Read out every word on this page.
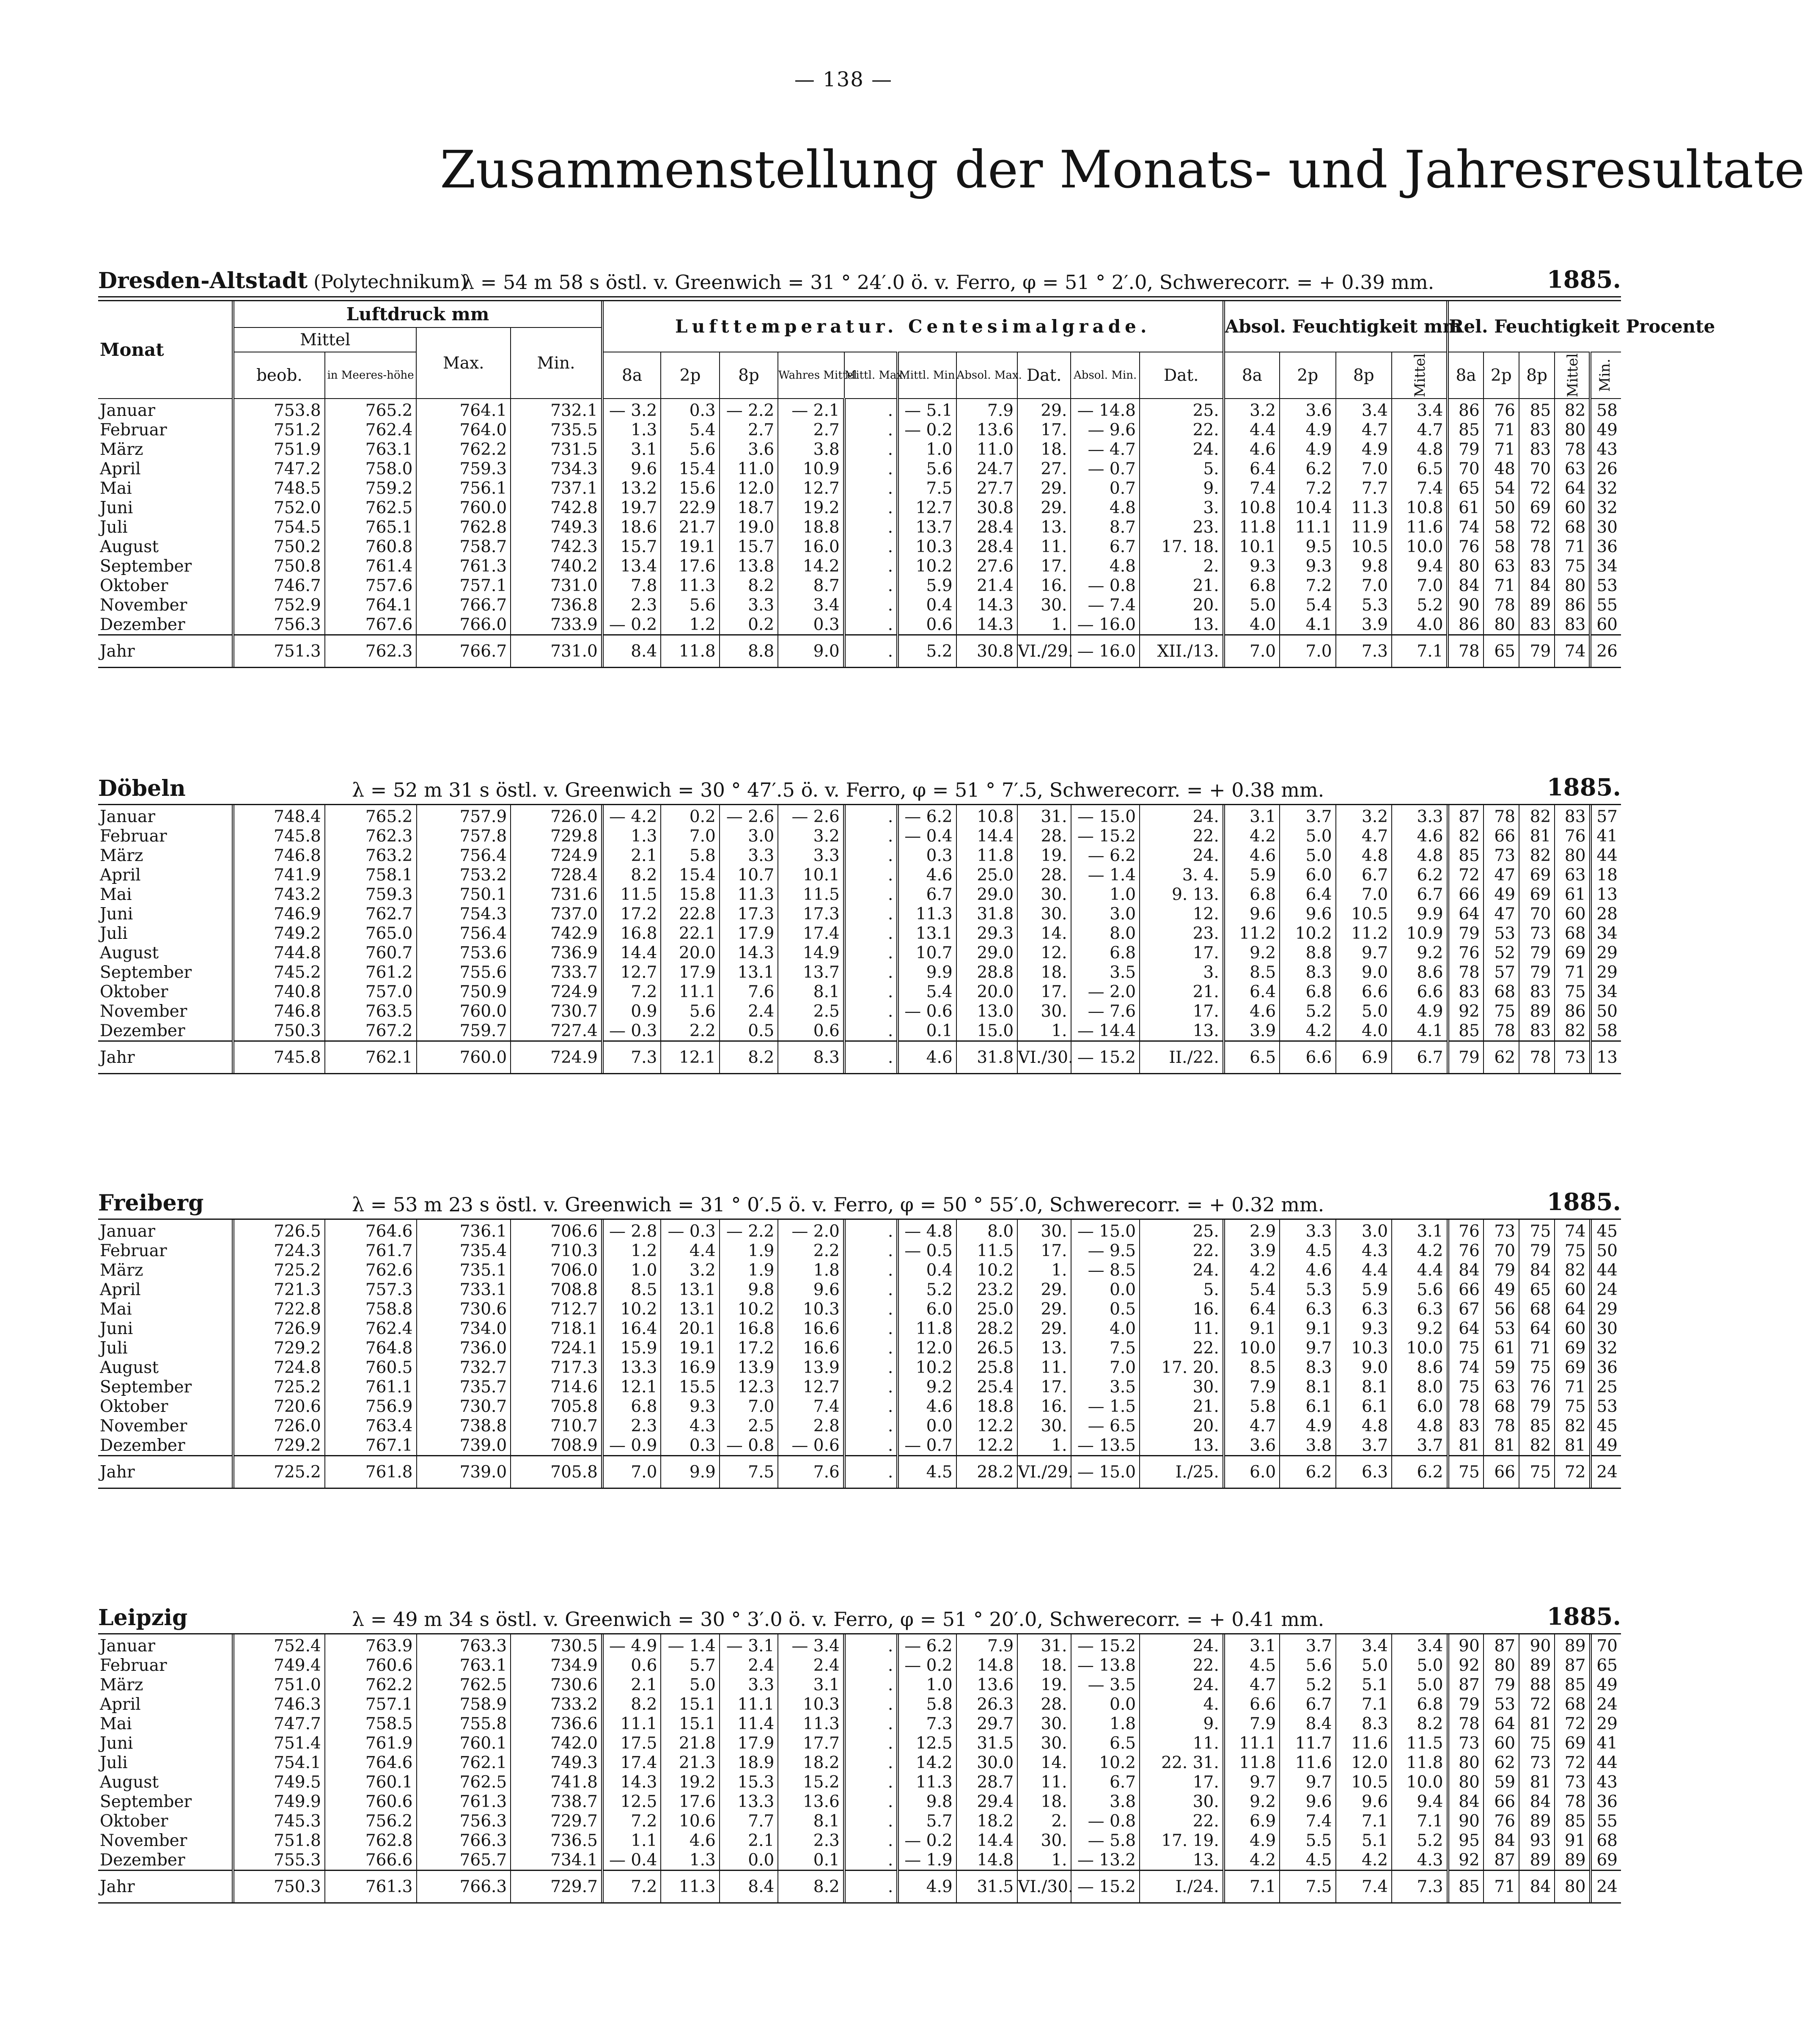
— 138 —
Zusammenstellung der Monats- und Jahresresultate
Dresden-Altstadt (Polytechnikum)
λ = 54 m 58 s östl. v. Greenwich = 31 ° 24′.0 ö. v. Ferro, φ = 51 ° 2′.0, Schwerecorr. = + 0.39 mm.	1885.
Monat	Luftdruck mm				Lufttemperatur. Centesimalgrade.										Absol. Feuchtigkeit mm				Rel. Feuchtigkeit Procente				
	Mittel		Max.	Min.																			
	beob.	in Meeres-höhe			8a	2p	8p	Wahres Mittel	Mittl. Max.	Mittl. Min.	Absol. Max.	Dat.	Absol. Min.	Dat.	8a	2p	8p	Mittel	8a	2p	8p	Mittel	Min.
Januar	753.8	765.2	764.1	732.1	— 3.2	0.3	— 2.2	— 2.1	.	— 5.1	7.9	29.	— 14.8	25.	3.2	3.6	3.4	3.4	86	76	85	82	58
Februar	751.2	762.4	764.0	735.5	1.3	5.4	2.7	2.7	.	— 0.2	13.6	17.	— 9.6	22.	4.4	4.9	4.7	4.7	85	71	83	80	49
März	751.9	763.1	762.2	731.5	3.1	5.6	3.6	3.8	.	1.0	11.0	18.	— 4.7	24.	4.6	4.9	4.9	4.8	79	71	83	78	43
April	747.2	758.0	759.3	734.3	9.6	15.4	11.0	10.9	.	5.6	24.7	27.	— 0.7	5.	6.4	6.2	7.0	6.5	70	48	70	63	26
Mai	748.5	759.2	756.1	737.1	13.2	15.6	12.0	12.7	.	7.5	27.7	29.	0.7	9.	7.4	7.2	7.7	7.4	65	54	72	64	32
Juni	752.0	762.5	760.0	742.8	19.7	22.9	18.7	19.2	.	12.7	30.8	29.	4.8	3.	10.8	10.4	11.3	10.8	61	50	69	60	32
Juli	754.5	765.1	762.8	749.3	18.6	21.7	19.0	18.8	.	13.7	28.4	13.	8.7	23.	11.8	11.1	11.9	11.6	74	58	72	68	30
August	750.2	760.8	758.7	742.3	15.7	19.1	15.7	16.0	.	10.3	28.4	11.	6.7	17. 18.	10.1	9.5	10.5	10.0	76	58	78	71	36
September	750.8	761.4	761.3	740.2	13.4	17.6	13.8	14.2	.	10.2	27.6	17.	4.8	2.	9.3	9.3	9.8	9.4	80	63	83	75	34
Oktober	746.7	757.6	757.1	731.0	7.8	11.3	8.2	8.7	.	5.9	21.4	16.	— 0.8	21.	6.8	7.2	7.0	7.0	84	71	84	80	53
November	752.9	764.1	766.7	736.8	2.3	5.6	3.3	3.4	.	0.4	14.3	30.	— 7.4	20.	5.0	5.4	5.3	5.2	90	78	89	86	55
Dezember	756.3	767.6	766.0	733.9	— 0.2	1.2	0.2	0.3	.	0.6	14.3	1.	— 16.0	13.	4.0	4.1	3.9	4.0	86	80	83	83	60
Jahr	751.3	762.3	766.7	731.0	8.4	11.8	8.8	9.0	.	5.2	30.8	VI./29.	— 16.0	XII./13.	7.0	7.0	7.3	7.1	78	65	79	74	26
Döbeln	λ = 52 m 31 s östl. v. Greenwich = 30 ° 47′.5 ö. v. Ferro, φ = 51 ° 7′.5, Schwerecorr. = + 0.38 mm.	1885.
Januar	748.4	765.2	757.9	726.0	— 4.2	0.2	— 2.6	— 2.6	.	— 6.2	10.8	31.	— 15.0	24.	3.1	3.7	3.2	3.3	87	78	82	83	57
Februar	745.8	762.3	757.8	729.8	1.3	7.0	3.0	3.2	.	— 0.4	14.4	28.	— 15.2	22.	4.2	5.0	4.7	4.6	82	66	81	76	41
März	746.8	763.2	756.4	724.9	2.1	5.8	3.3	3.3	.	0.3	11.8	19.	— 6.2	24.	4.6	5.0	4.8	4.8	85	73	82	80	44
April	741.9	758.1	753.2	728.4	8.2	15.4	10.7	10.1	.	4.6	25.0	28.	— 1.4	3. 4.	5.9	6.0	6.7	6.2	72	47	69	63	18
Mai	743.2	759.3	750.1	731.6	11.5	15.8	11.3	11.5	.	6.7	29.0	30.	1.0	9. 13.	6.8	6.4	7.0	6.7	66	49	69	61	13
Juni	746.9	762.7	754.3	737.0	17.2	22.8	17.3	17.3	.	11.3	31.8	30.	3.0	12.	9.6	9.6	10.5	9.9	64	47	70	60	28
Juli	749.2	765.0	756.4	742.9	16.8	22.1	17.9	17.4	.	13.1	29.3	14.	8.0	23.	11.2	10.2	11.2	10.9	79	53	73	68	34
August	744.8	760.7	753.6	736.9	14.4	20.0	14.3	14.9	.	10.7	29.0	12.	6.8	17.	9.2	8.8	9.7	9.2	76	52	79	69	29
September	745.2	761.2	755.6	733.7	12.7	17.9	13.1	13.7	.	9.9	28.8	18.	3.5	3.	8.5	8.3	9.0	8.6	78	57	79	71	29
Oktober	740.8	757.0	750.9	724.9	7.2	11.1	7.6	8.1	.	5.4	20.0	17.	— 2.0	21.	6.4	6.8	6.6	6.6	83	68	83	75	34
November	746.8	763.5	760.0	730.7	0.9	5.6	2.4	2.5	.	— 0.6	13.0	30.	— 7.6	17.	4.6	5.2	5.0	4.9	92	75	89	86	50
Dezember	750.3	767.2	759.7	727.4	— 0.3	2.2	0.5	0.6	.	0.1	15.0	1.	— 14.4	13.	3.9	4.2	4.0	4.1	85	78	83	82	58
Jahr	745.8	762.1	760.0	724.9	7.3	12.1	8.2	8.3	.	4.6	31.8	VI./30.	— 15.2	II./22.	6.5	6.6	6.9	6.7	79	62	78	73	13
Freiberg	λ = 53 m 23 s östl. v. Greenwich = 31 ° 0′.5 ö. v. Ferro, φ = 50 ° 55′.0, Schwerecorr. = + 0.32 mm.	1885.
Januar	726.5	764.6	736.1	706.6	— 2.8	— 0.3	— 2.2	— 2.0	.	— 4.8	8.0	30.	— 15.0	25.	2.9	3.3	3.0	3.1	76	73	75	74	45
Februar	724.3	761.7	735.4	710.3	1.2	4.4	1.9	2.2	.	— 0.5	11.5	17.	— 9.5	22.	3.9	4.5	4.3	4.2	76	70	79	75	50
März	725.2	762.6	735.1	706.0	1.0	3.2	1.9	1.8	.	0.4	10.2	1.	— 8.5	24.	4.2	4.6	4.4	4.4	84	79	84	82	44
April	721.3	757.3	733.1	708.8	8.5	13.1	9.8	9.6	.	5.2	23.2	29.	0.0	5.	5.4	5.3	5.9	5.6	66	49	65	60	24
Mai	722.8	758.8	730.6	712.7	10.2	13.1	10.2	10.3	.	6.0	25.0	29.	0.5	16.	6.4	6.3	6.3	6.3	67	56	68	64	29
Juni	726.9	762.4	734.0	718.1	16.4	20.1	16.8	16.6	.	11.8	28.2	29.	4.0	11.	9.1	9.1	9.3	9.2	64	53	64	60	30
Juli	729.2	764.8	736.0	724.1	15.9	19.1	17.2	16.6	.	12.0	26.5	13.	7.5	22.	10.0	9.7	10.3	10.0	75	61	71	69	32
August	724.8	760.5	732.7	717.3	13.3	16.9	13.9	13.9	.	10.2	25.8	11.	7.0	17. 20.	8.5	8.3	9.0	8.6	74	59	75	69	36
September	725.2	761.1	735.7	714.6	12.1	15.5	12.3	12.7	.	9.2	25.4	17.	3.5	30.	7.9	8.1	8.1	8.0	75	63	76	71	25
Oktober	720.6	756.9	730.7	705.8	6.8	9.3	7.0	7.4	.	4.6	18.8	16.	— 1.5	21.	5.8	6.1	6.1	6.0	78	68	79	75	53
November	726.0	763.4	738.8	710.7	2.3	4.3	2.5	2.8	.	0.0	12.2	30.	— 6.5	20.	4.7	4.9	4.8	4.8	83	78	85	82	45
Dezember	729.2	767.1	739.0	708.9	— 0.9	0.3	— 0.8	— 0.6	.	— 0.7	12.2	1.	— 13.5	13.	3.6	3.8	3.7	3.7	81	81	82	81	49
Jahr	725.2	761.8	739.0	705.8	7.0	9.9	7.5	7.6	.	4.5	28.2	VI./29.	— 15.0	I./25.	6.0	6.2	6.3	6.2	75	66	75	72	24
Leipzig	λ = 49 m 34 s östl. v. Greenwich = 30 ° 3′.0 ö. v. Ferro, φ = 51 ° 20′.0, Schwerecorr. = + 0.41 mm.	1885.
Januar	752.4	763.9	763.3	730.5	— 4.9	— 1.4	— 3.1	— 3.4	.	— 6.2	7.9	31.	— 15.2	24.	3.1	3.7	3.4	3.4	90	87	90	89	70
Februar	749.4	760.6	763.1	734.9	0.6	5.7	2.4	2.4	.	— 0.2	14.8	18.	— 13.8	22.	4.5	5.6	5.0	5.0	92	80	89	87	65
März	751.0	762.2	762.5	730.6	2.1	5.0	3.3	3.1	.	1.0	13.6	19.	— 3.5	24.	4.7	5.2	5.1	5.0	87	79	88	85	49
April	746.3	757.1	758.9	733.2	8.2	15.1	11.1	10.3	.	5.8	26.3	28.	0.0	4.	6.6	6.7	7.1	6.8	79	53	72	68	24
Mai	747.7	758.5	755.8	736.6	11.1	15.1	11.4	11.3	.	7.3	29.7	30.	1.8	9.	7.9	8.4	8.3	8.2	78	64	81	72	29
Juni	751.4	761.9	760.1	742.0	17.5	21.8	17.9	17.7	.	12.5	31.5	30.	6.5	11.	11.1	11.7	11.6	11.5	73	60	75	69	41
Juli	754.1	764.6	762.1	749.3	17.4	21.3	18.9	18.2	.	14.2	30.0	14.	10.2	22. 31.	11.8	11.6	12.0	11.8	80	62	73	72	44
August	749.5	760.1	762.5	741.8	14.3	19.2	15.3	15.2	.	11.3	28.7	11.	6.7	17.	9.7	9.7	10.5	10.0	80	59	81	73	43
September	749.9	760.6	761.3	738.7	12.5	17.6	13.3	13.6	.	9.8	29.4	18.	3.8	30.	9.2	9.6	9.6	9.4	84	66	84	78	36
Oktober	745.3	756.2	756.3	729.7	7.2	10.6	7.7	8.1	.	5.7	18.2	2.	— 0.8	22.	6.9	7.4	7.1	7.1	90	76	89	85	55
November	751.8	762.8	766.3	736.5	1.1	4.6	2.1	2.3	.	— 0.2	14.4	30.	— 5.8	17. 19.	4.9	5.5	5.1	5.2	95	84	93	91	68
Dezember	755.3	766.6	765.7	734.1	— 0.4	1.3	0.0	0.1	.	— 1.9	14.8	1.	— 13.2	13.	4.2	4.5	4.2	4.3	92	87	89	89	69
Jahr	750.3	761.3	766.3	729.7	7.2	11.3	8.4	8.2	.	4.9	31.5	VI./30.	— 15.2	I./24.	7.1	7.5	7.4	7.3	85	71	84	80	24
